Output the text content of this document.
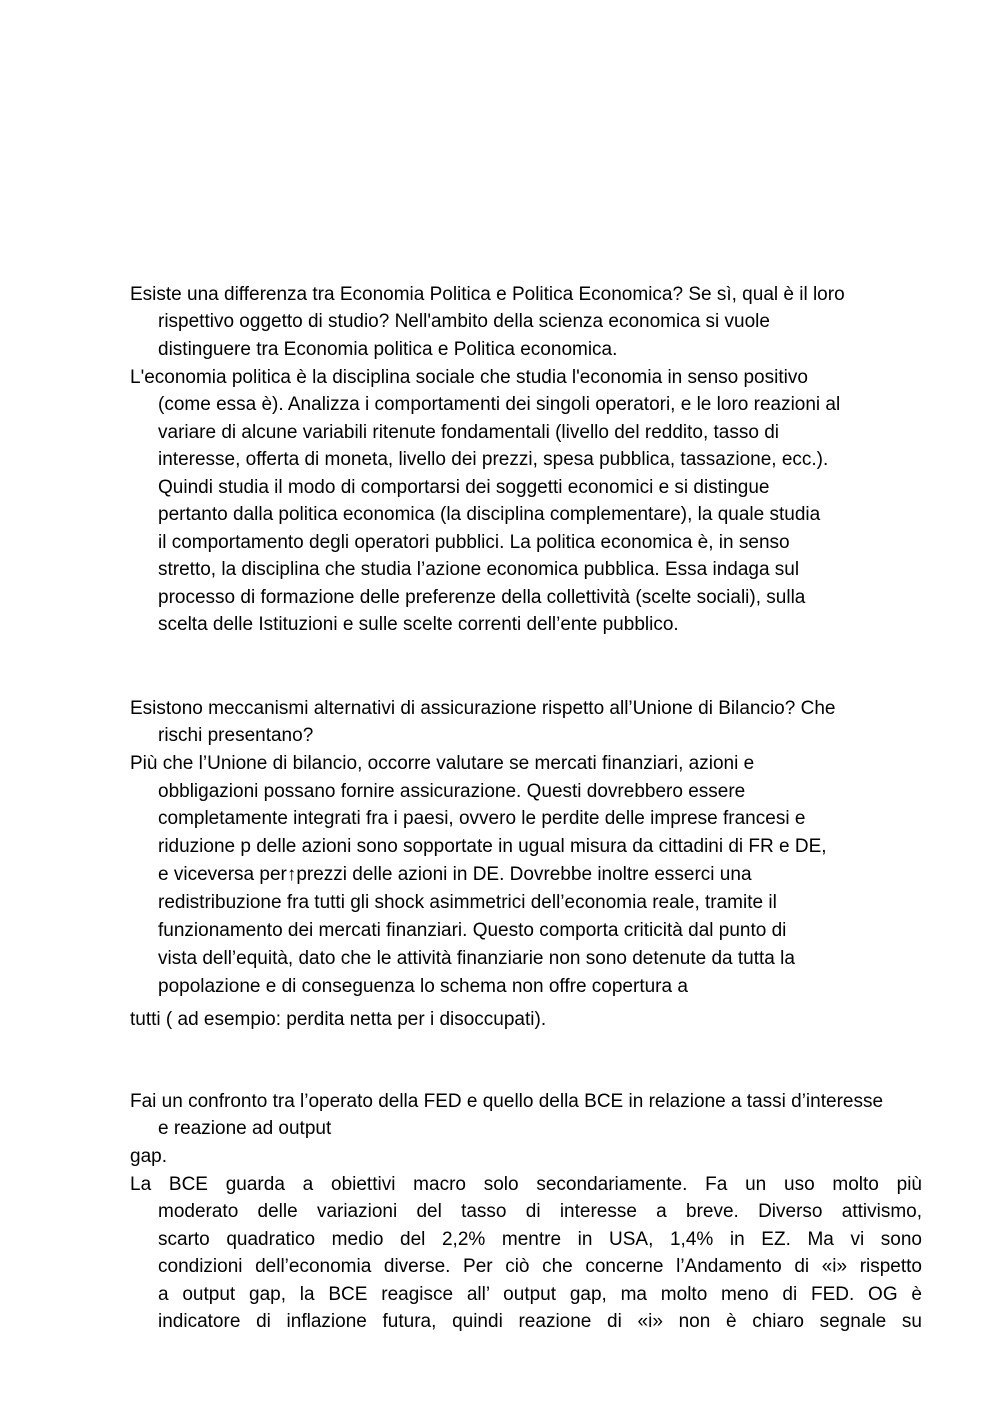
Esiste una differenza tra Economia Politica e Politica Economica? Se sì, qual è il loro
rispettivo oggetto di studio? Nell'ambito della scienza economica si vuole
distinguere tra Economia politica e Politica economica.
L'economia politica è la disciplina sociale che studia l'economia in senso positivo
(come essa è). Analizza i comportamenti dei singoli operatori, e le loro reazioni al
variare di alcune variabili ritenute fondamentali (livello del reddito, tasso di
interesse, offerta di moneta, livello dei prezzi, spesa pubblica, tassazione, ecc.).
Quindi studia il modo di comportarsi dei soggetti economici e si distingue
pertanto dalla politica economica (la disciplina complementare), la quale studia
il comportamento degli operatori pubblici. La politica economica è, in senso
stretto, la disciplina che studia l’azione economica pubblica. Essa indaga sul
processo di formazione delle preferenze della collettività (scelte sociali), sulla
scelta delle Istituzioni e sulle scelte correnti dell’ente pubblico.
Esistono meccanismi alternativi di assicurazione rispetto all’Unione di Bilancio? Che
rischi presentano?
Più che l’Unione di bilancio, occorre valutare se mercati finanziari, azioni e
obbligazioni possano fornire assicurazione. Questi dovrebbero essere
completamente integrati fra i paesi, ovvero le perdite delle imprese francesi e
riduzione p delle azioni sono sopportate in ugual misura da cittadini di FR e DE,
e viceversa per↑prezzi delle azioni in DE. Dovrebbe inoltre esserci una
redistribuzione fra tutti gli shock asimmetrici dell’economia reale, tramite il
funzionamento dei mercati finanziari. Questo comporta criticità dal punto di
vista dell’equità, dato che le attività finanziarie non sono detenute da tutta la
popolazione e di conseguenza lo schema non offre copertura a
tutti ( ad esempio: perdita netta per i disoccupati).
Fai un confronto tra l’operato della FED e quello della BCE in relazione a tassi d’interesse
e reazione ad output
gap.
La BCE guarda a obiettivi macro solo secondariamente. Fa un uso molto più
moderato delle variazioni del tasso di interesse a breve. Diverso attivismo,
scarto quadratico medio del 2,2% mentre in USA, 1,4% in EZ. Ma vi sono
condizioni dell’economia diverse. Per ciò che concerne l’Andamento di «i» rispetto
a output gap, la BCE reagisce all’ output gap, ma molto meno di FED. OG è
indicatore di inflazione futura, quindi reazione di «i» non è chiaro segnale su
